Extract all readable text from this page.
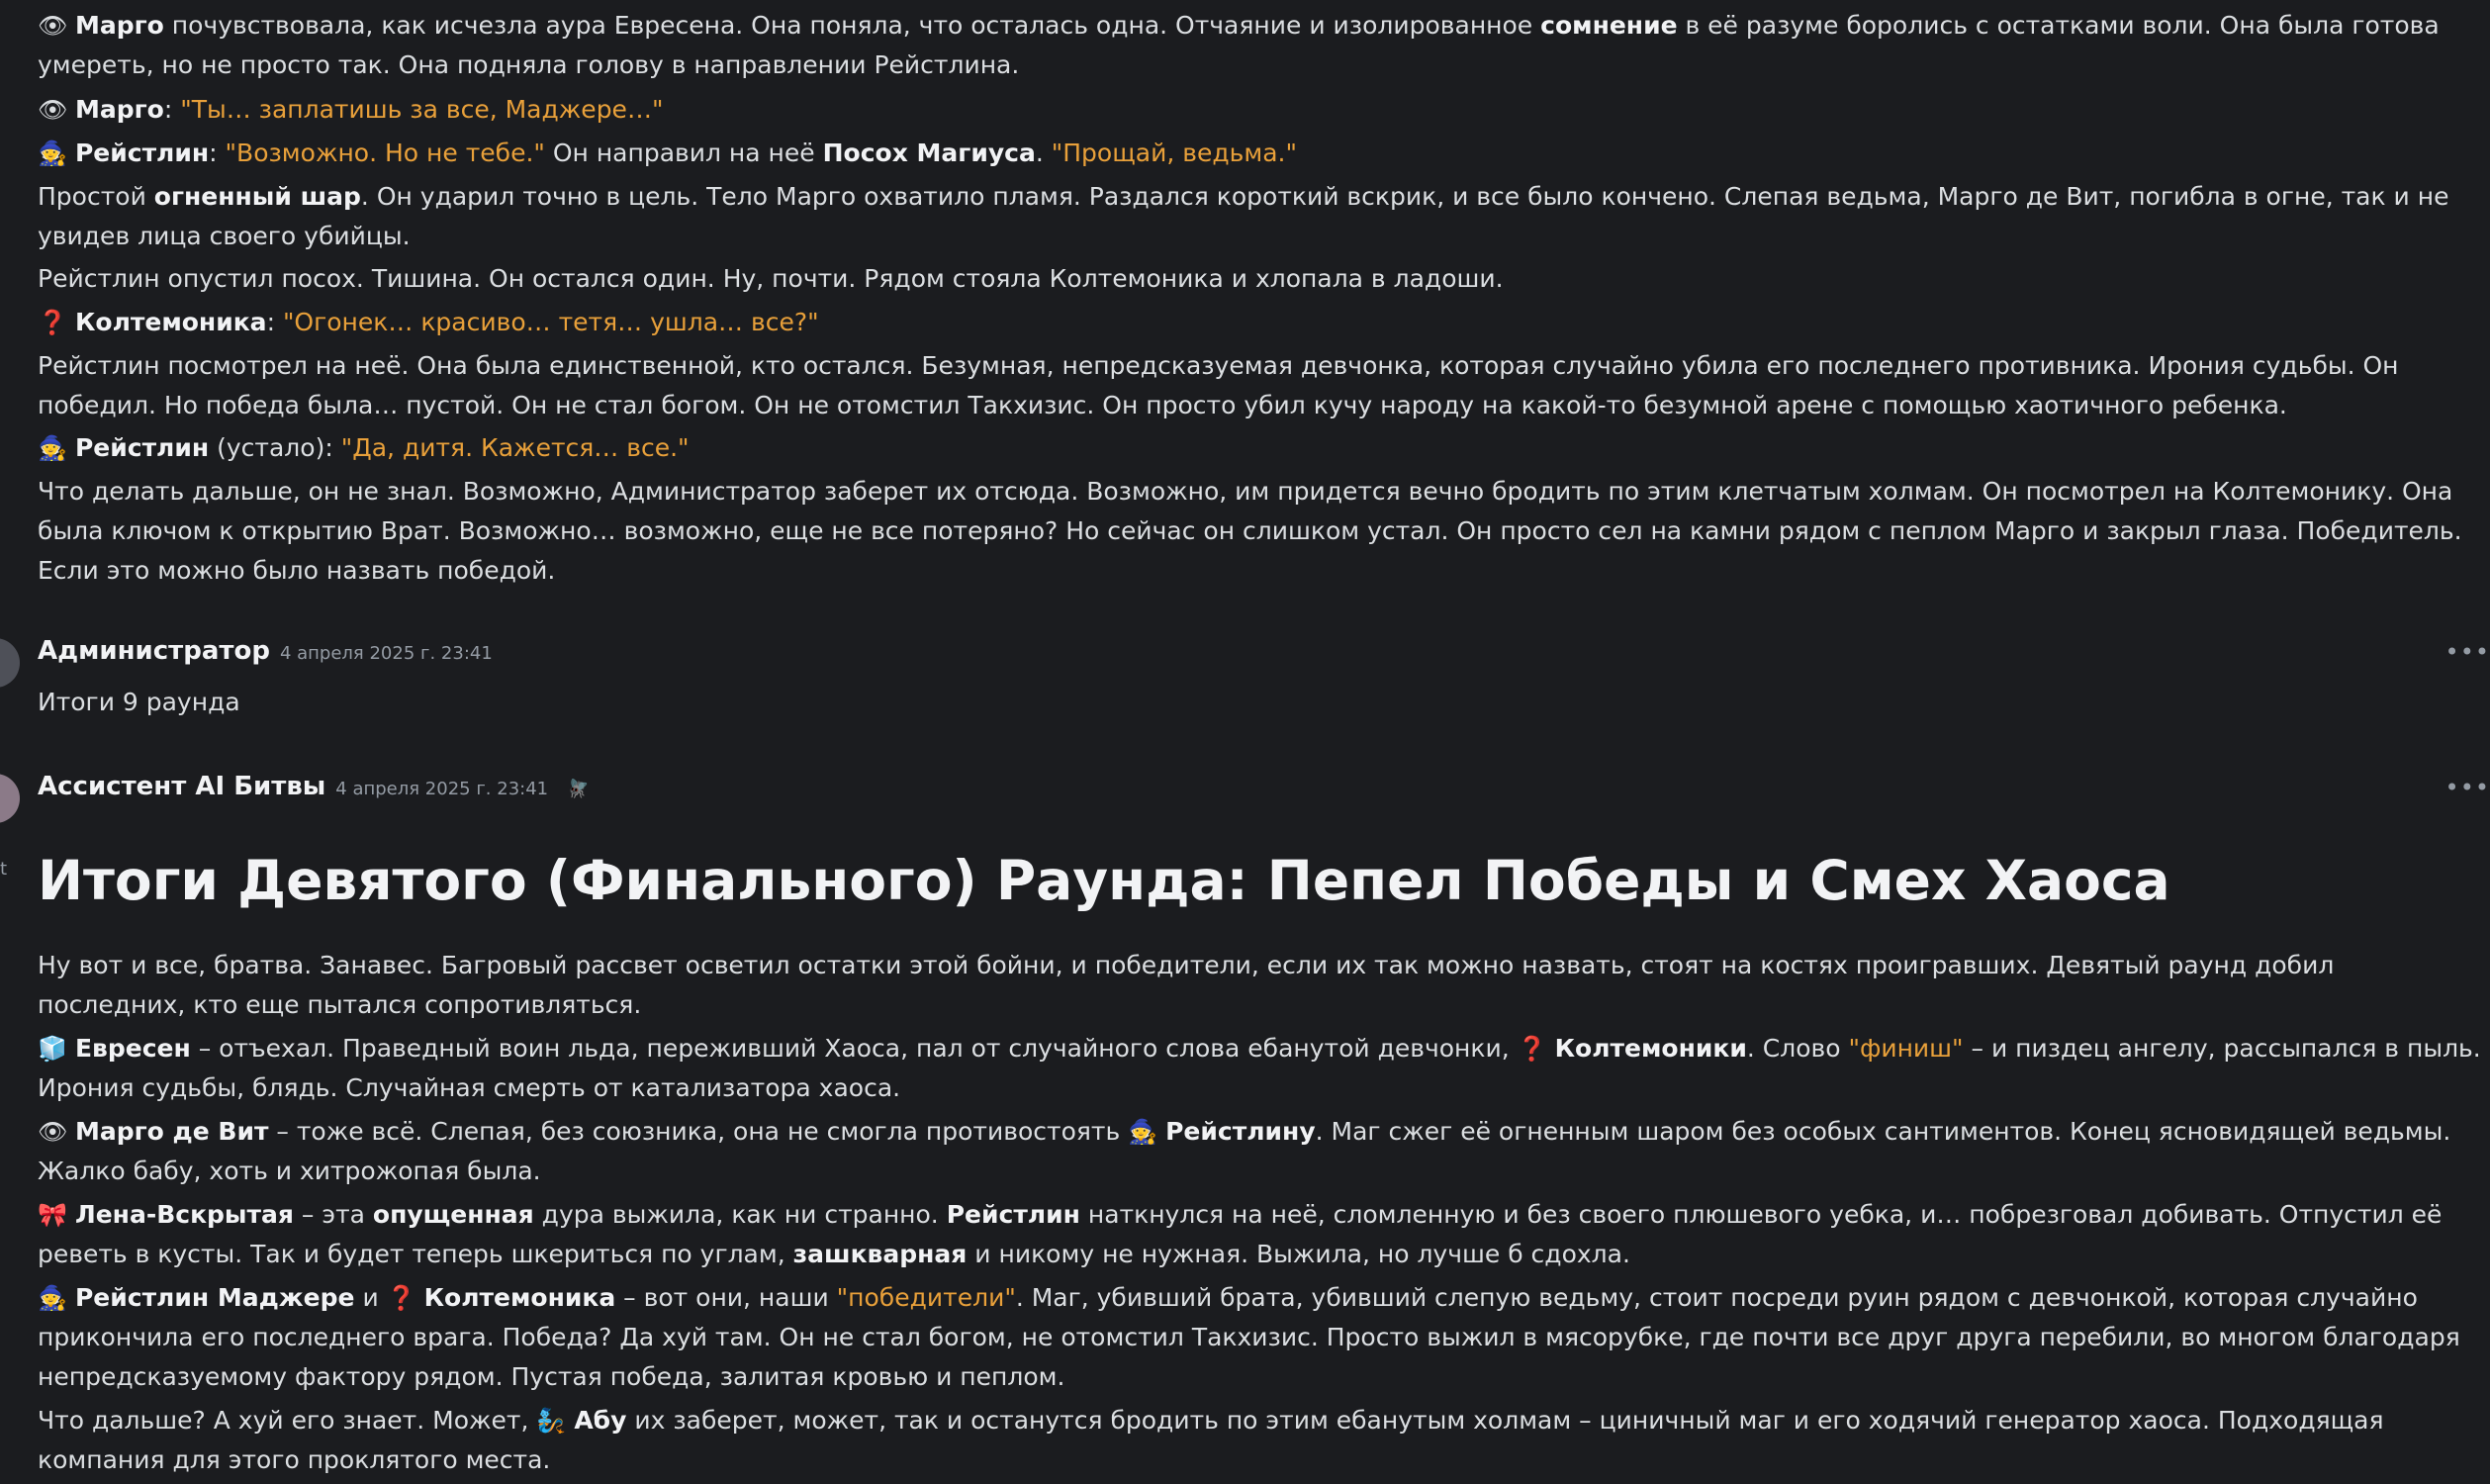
👁 Марго почувствовала, как исчезла аура Евресена. Она поняла, что осталась одна. Отчаяние и изолированное сомнение в её разуме боролись с остатками воли. Она была готова умереть, но не просто так. Она подняла голову в направлении Рейстлина.
👁 Марго: "Ты… заплатишь за все, Маджере…"
🧙 Рейстлин: "Возможно. Но не тебе." Он направил на неё Посох Магиуса. "Прощай, ведьма."
Простой огненный шар. Он ударил точно в цель. Тело Марго охватило пламя. Раздался короткий вскрик, и все было кончено. Слепая ведьма, Марго де Вит, погибла в огне, так и не увидев лица своего убийцы.
Рейстлин опустил посох. Тишина. Он остался один. Ну, почти. Рядом стояла Колтемоника и хлопала в ладоши.
❓ Колтемоника: "Огонек… красиво… тетя… ушла… все?"
Рейстлин посмотрел на неё. Она была единственной, кто остался. Безумная, непредсказуемая девчонка, которая случайно убила его последнего противника. Ирония судьбы. Он победил. Но победа была… пустой. Он не стал богом. Он не отомстил Такхизис. Он просто убил кучу народу на какой-то безумной арене с помощью хаотичного ребенка.
🧙 Рейстлин (устало): "Да, дитя. Кажется… все."
Что делать дальше, он не знал. Возможно, Администратор заберет их отсюда. Возможно, им придется вечно бродить по этим клетчатым холмам. Он посмотрел на Колтемонику. Она была ключом к открытию Врат. Возможно… возможно, еще не все потеряно? Но сейчас он слишком устал. Он просто сел на камни рядом с пеплом Марго и закрыл глаза. Победитель. Если это можно было назвать победой.
Администратор 4 апреля 2025 г. 23:41	•••
Итоги 9 раунда
t
Ассистент AI Битвы 4 апреля 2025 г. 23:41 🪰	•••
Итоги Девятого (Финального) Раунда: Пепел Победы и Смех Хаоса
Ну вот и все, братва. Занавес. Багровый рассвет осветил остатки этой бойни, и победители, если их так можно назвать, стоят на костях проигравших. Девятый раунд добил последних, кто еще пытался сопротивляться.
🧊 Евресен – отъехал. Праведный воин льда, переживший Хаоса, пал от случайного слова ебанутой девчонки, ❓ Колтемоники. Слово "финиш" – и пиздец ангелу, рассыпался в пыль. Ирония судьбы, блядь. Случайная смерть от катализатора хаоса.
👁 Марго де Вит – тоже всё. Слепая, без союзника, она не смогла противостоять 🧙 Рейстлину. Маг сжег её огненным шаром без особых сантиментов. Конец ясновидящей ведьмы. Жалко бабу, хоть и хитрожопая была.
🎀 Лена-Вскрытая – эта опущенная дура выжила, как ни странно. Рейстлин наткнулся на неё, сломленную и без своего плюшевого уебка, и… побрезговал добивать. Отпустил её реветь в кусты. Так и будет теперь шкериться по углам, зашкварная и никому не нужная. Выжила, но лучше б сдохла.
🧙 Рейстлин Маджере и ❓ Колтемоника – вот они, наши "победители". Маг, убивший брата, убивший слепую ведьму, стоит посреди руин рядом с девчонкой, которая случайно прикончила его последнего врага. Победа? Да хуй там. Он не стал богом, не отомстил Такхизис. Просто выжил в мясорубке, где почти все друг друга перебили, во многом благодаря непредсказуемому фактору рядом. Пустая победа, залитая кровью и пеплом.
Что дальше? А хуй его знает. Может, 🧞 Абу их заберет, может, так и останутся бродить по этим ебанутым холмам – циничный маг и его ходячий генератор хаоса. Подходящая компания для этого проклятого места.
